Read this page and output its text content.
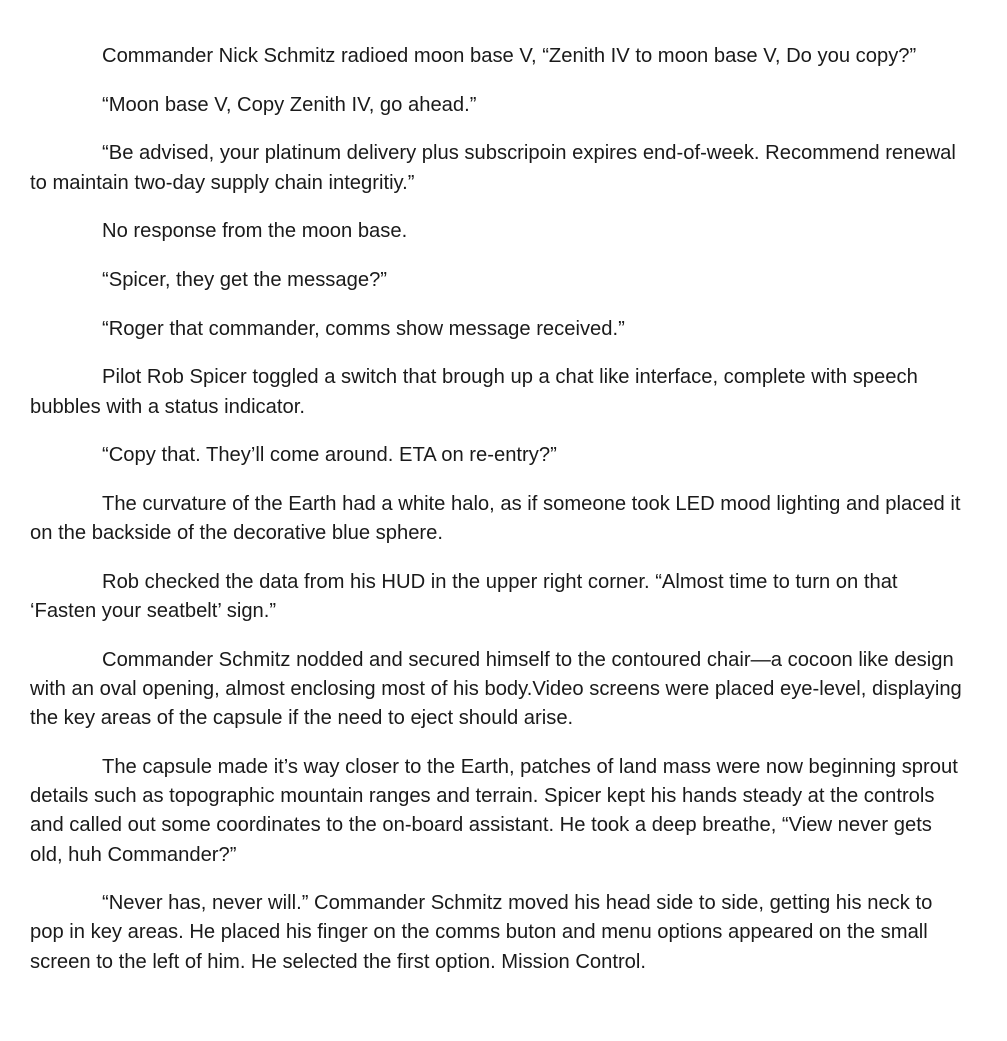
Commander Nick Schmitz radioed moon base V, “Zenith IV to moon base V, Do you copy?”

“Moon base V, Copy Zenith IV, go ahead.”

“Be advised, your platinum delivery plus subscripoin expires end-of-week. Recommend renewal to maintain two-day supply chain integritiy.”

No response from the moon base.

“Spicer, they get the message?”

“Roger that commander, comms show message received.”

Pilot Rob Spicer toggled a switch that brough up a chat like interface, complete with speech bubbles with a status indicator.

“Copy that. They’ll come around. ETA on re-entry?”

The curvature of the Earth had a white halo, as if someone took LED mood lighting and placed it on the backside of the decorative blue sphere.

Rob checked the data from his HUD in the upper right corner. “Almost time to turn on that ‘Fasten your seatbelt’ sign.”

Commander Schmitz nodded and secured himself to the contoured chair—a cocoon like design with an oval opening, almost enclosing most of his body.Video screens were placed eye-level, displaying the key areas of the capsule if the need to eject should arise.

The capsule made it’s way closer to the Earth, patches of land mass were now beginning sprout details such as topographic mountain ranges and terrain. Spicer kept his hands steady at the controls and called out some coordinates to the on-board assistant. He took a deep breathe, “View never gets old, huh Commander?”

“Never has, never will.” Commander Schmitz moved his head side to side, getting his neck to pop in key areas. He placed his finger on the comms buton and menu options appeared on the small screen to the left of him. He selected the first option. Mission Control.
